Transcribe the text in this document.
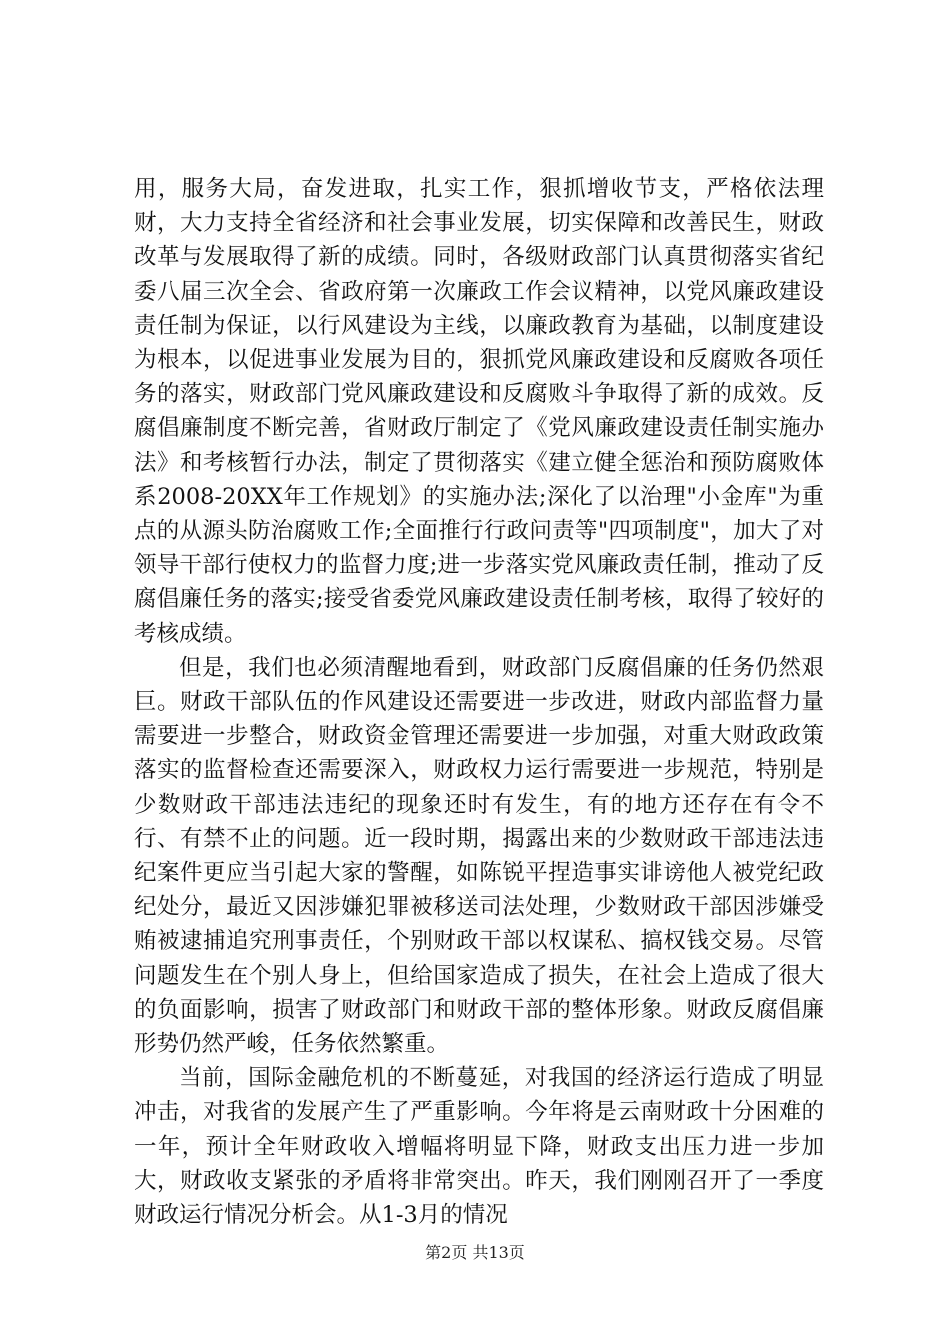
用，服务大局，奋发进取，扎实工作，狠抓增收节支，严格依法理财，大力支持全省经济和社会事业发展，切实保障和改善民生，财政改革与发展取得了新的成绩。同时，各级财政部门认真贯彻落实省纪委八届三次全会、省政府第一次廉政工作会议精神，以党风廉政建设责任制为保证，以行风建设为主线，以廉政教育为基础，以制度建设为根本，以促进事业发展为目的，狠抓党风廉政建设和反腐败各项任务的落实，财政部门党风廉政建设和反腐败斗争取得了新的成效。反腐倡廉制度不断完善，省财政厅制定了《党风廉政建设责任制实施办法》和考核暂行办法，制定了贯彻落实《建立健全惩治和预防腐败体系2008-20XX年工作规划》的实施办法;深化了以治理"小金库"为重点的从源头防治腐败工作;全面推行行政问责等"四项制度"，加大了对领导干部行使权力的监督力度;进一步落实党风廉政责任制，推动了反腐倡廉任务的落实;接受省委党风廉政建设责任制考核，取得了较好的考核成绩。

但是，我们也必须清醒地看到，财政部门反腐倡廉的任务仍然艰巨。财政干部队伍的作风建设还需要进一步改进，财政内部监督力量需要进一步整合，财政资金管理还需要进一步加强，对重大财政政策落实的监督检查还需要深入，财政权力运行需要进一步规范，特别是少数财政干部违法违纪的现象还时有发生，有的地方还存在有令不行、有禁不止的问题。近一段时期，揭露出来的少数财政干部违法违纪案件更应当引起大家的警醒，如陈锐平捏造事实诽谤他人被党纪政纪处分，最近又因涉嫌犯罪被移送司法处理，少数财政干部因涉嫌受贿被逮捕追究刑事责任，个别财政干部以权谋私、搞权钱交易。尽管问题发生在个别人身上，但给国家造成了损失，在社会上造成了很大的负面影响，损害了财政部门和财政干部的整体形象。财政反腐倡廉形势仍然严峻，任务依然繁重。

当前，国际金融危机的不断蔓延，对我国的经济运行造成了明显冲击，对我省的发展产生了严重影响。今年将是云南财政十分困难的一年，预计全年财政收入增幅将明显下降，财政支出压力进一步加大，财政收支紧张的矛盾将非常突出。昨天，我们刚刚召开了一季度财政运行情况分析会。从1-3月的情况

第2页 共13页
